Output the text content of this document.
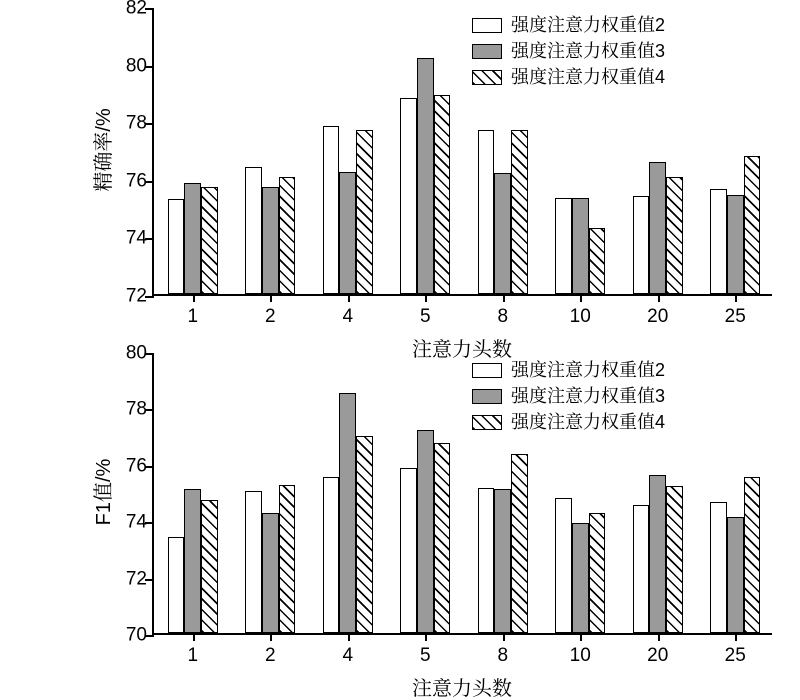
72
74
76
78
80
82
1	2	4	5	8	10	20	25
精确率/%
注意力头数
强度注意力权重值2
强度注意力权重值3
强度注意力权重值4
70
72
74
76
78
80
1	2	4	5	8	10	20	25
F1值/%
注意力头数
强度注意力权重值2
强度注意力权重值3
强度注意力权重值4
